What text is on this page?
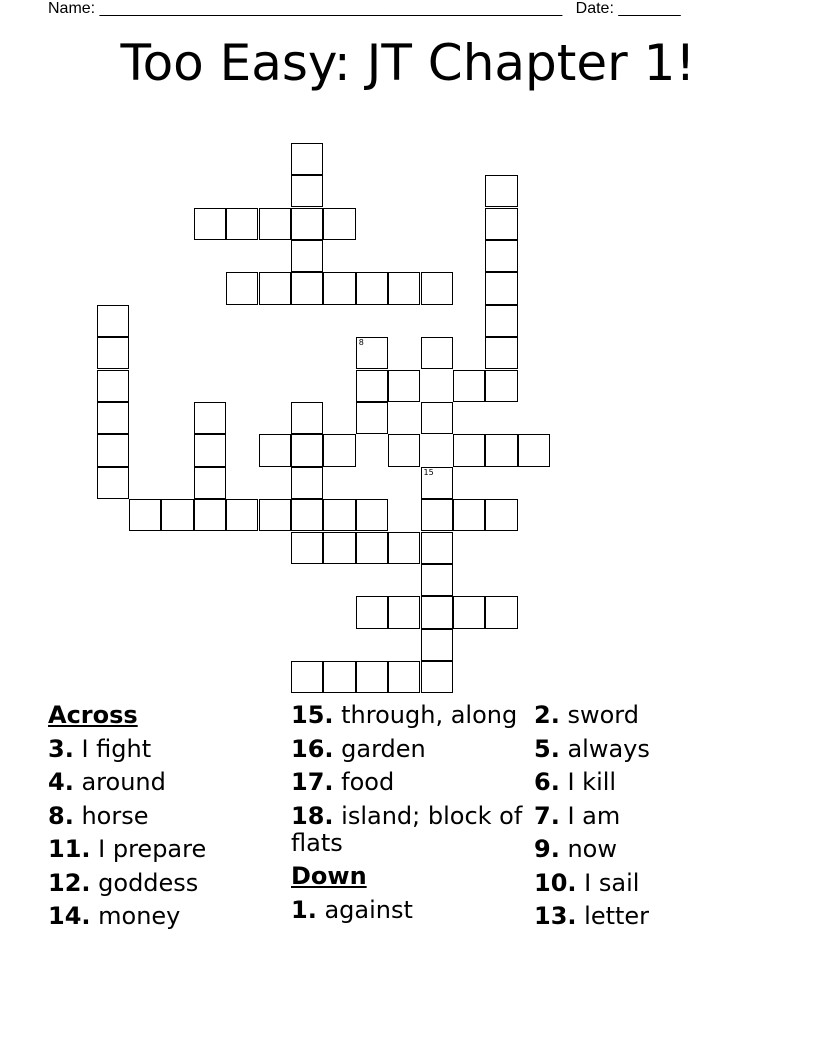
Name: ____________________________________________________ Date: _______
Too Easy: JT Chapter 1!
8
15
Across
3. I fight
4. around
8. horse
11. I prepare
12. goddess
14. money
15. through, along
16. garden
17. food
18. island; block of flats
Down
1. against
2. sword
5. always
6. I kill
7. I am
9. now
10. I sail
13. letter
